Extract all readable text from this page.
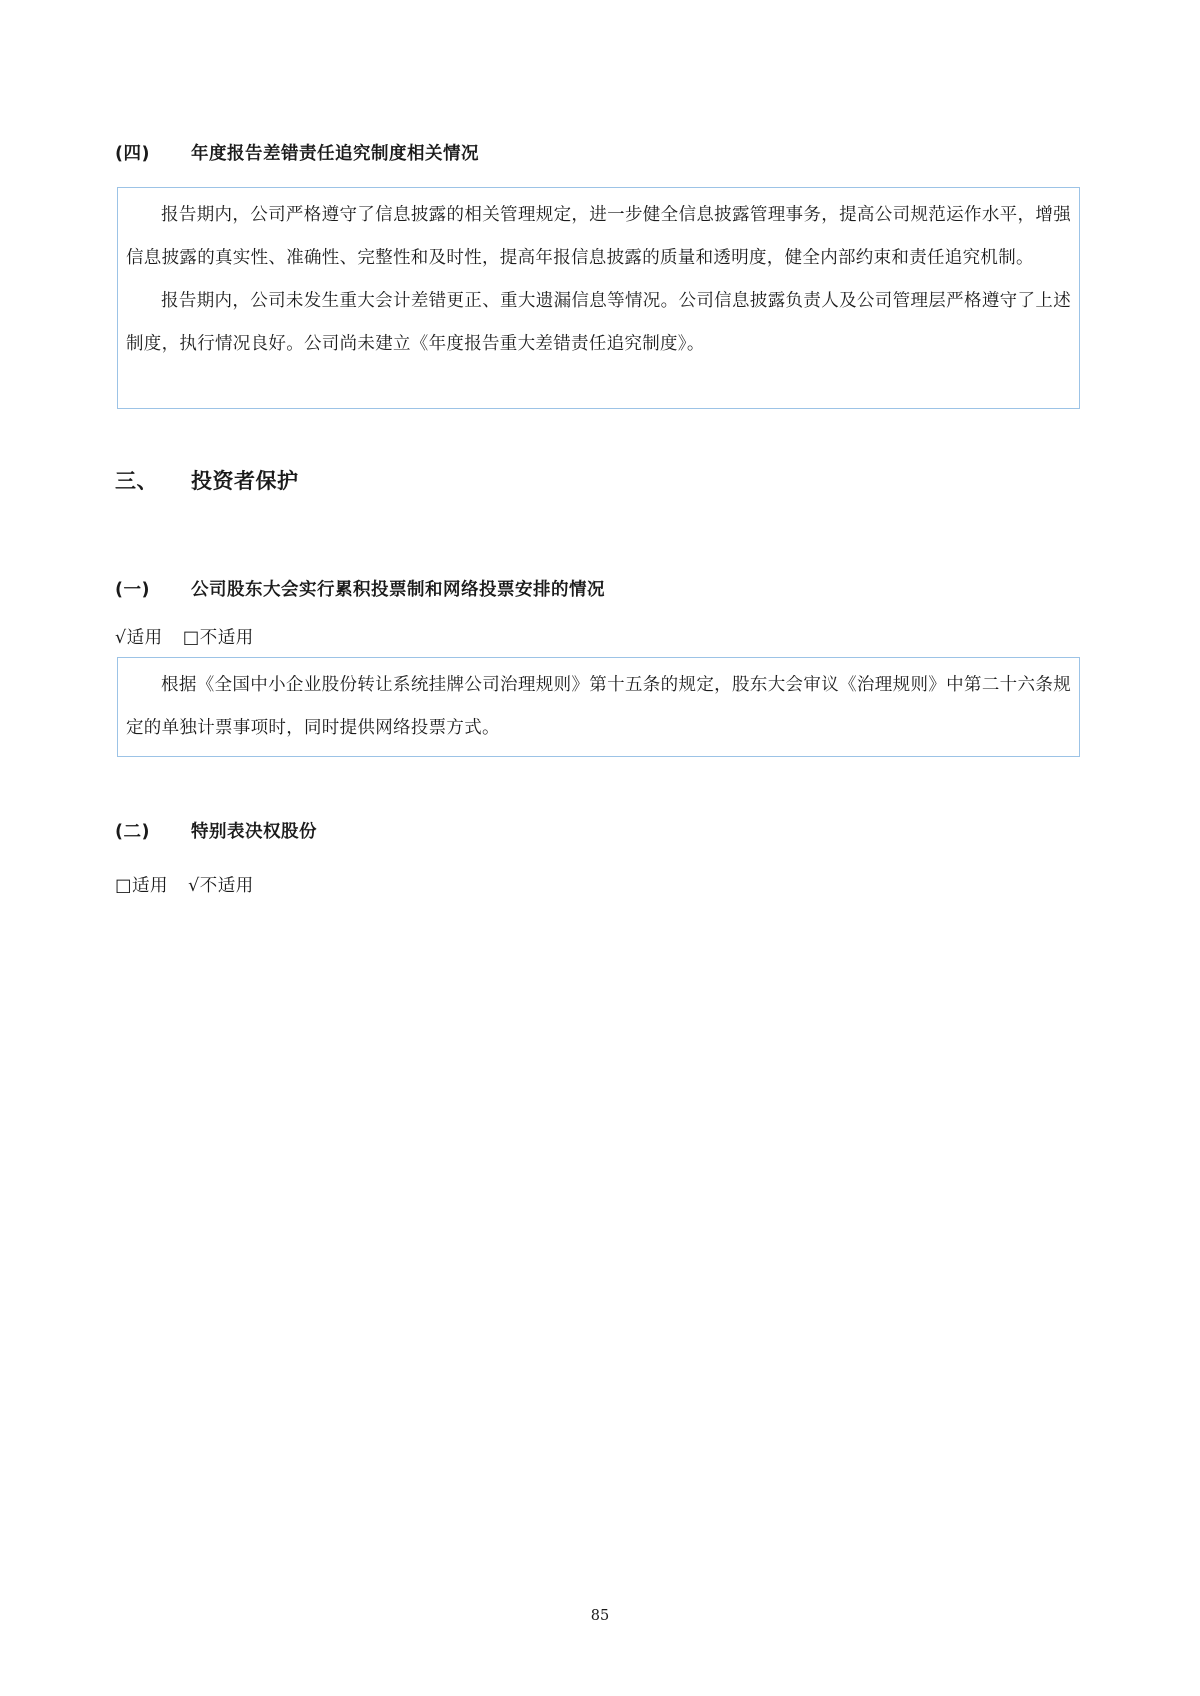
(四)	年度报告差错责任追究制度相关情况

报告期内，公司严格遵守了信息披露的相关管理规定，进一步健全信息披露管理事务，提高公司规范运作水平，增强信息披露的真实性、准确性、完整性和及时性，提高年报信息披露的质量和透明度，健全内部约束和责任追究机制。

报告期内，公司未发生重大会计差错更正、重大遗漏信息等情况。公司信息披露负责人及公司管理层严格遵守了上述制度，执行情况良好。公司尚未建立《年度报告重大差错责任追究制度》。

三、	投资者保护
(一)	公司股东大会实行累积投票制和网络投票安排的情况
√适用 □不适用

根据《全国中小企业股份转让系统挂牌公司治理规则》第十五条的规定，股东大会审议《治理规则》中第二十六条规定的单独计票事项时，同时提供网络投票方式。

(二)	特别表决权股份
□适用 √不适用
85
